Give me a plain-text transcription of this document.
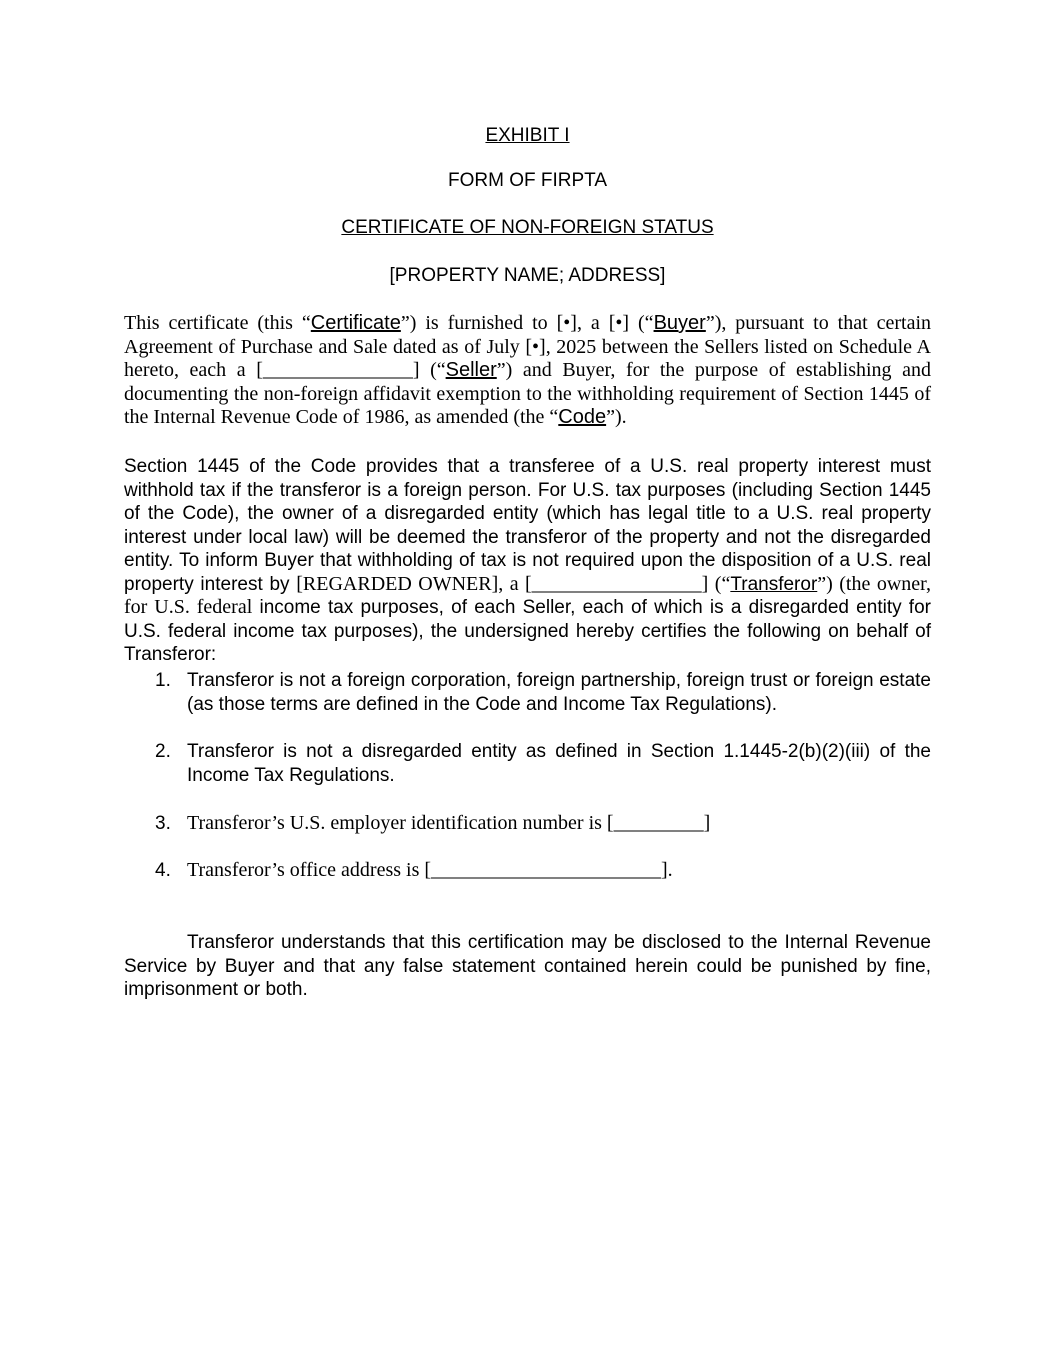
EXHIBIT I
FORM OF FIRPTA
CERTIFICATE OF NON-FOREIGN STATUS
[PROPERTY NAME; ADDRESS]
This certificate (this “Certificate”) is furnished to [•], a [•] (“Buyer”), pursuant to that certain Agreement of Purchase and Sale dated as of July [•], 2025 between the Sellers listed on Schedule A hereto, each a [_______________] (“Seller”) and Buyer, for the purpose of establishing and documenting the non-foreign affidavit exemption to the withholding requirement of Section 1445 of the Internal Revenue Code of 1986, as amended (the “Code”).
Section 1445 of the Code provides that a transferee of a U.S. real property interest must withhold tax if the transferor is a foreign person. For U.S. tax purposes (including Section 1445 of the Code), the owner of a disregarded entity (which has legal title to a U.S. real property interest under local law) will be deemed the transferor of the property and not the disregarded entity. To inform Buyer that withholding of tax is not required upon the disposition of a U.S. real property interest by [REGARDED OWNER], a [_________________] (“Transferor”) (the owner, for U.S. federal income tax purposes, of each Seller, each of which is a disregarded entity for U.S. federal income tax purposes), the undersigned hereby certifies the following on behalf of Transferor:
1. Transferor is not a foreign corporation, foreign partnership, foreign trust or foreign estate (as those terms are defined in the Code and Income Tax Regulations).
2. Transferor is not a disregarded entity as defined in Section 1.1445-2(b)(2)(iii) of the Income Tax Regulations.
3. Transferor’s U.S. employer identification number is [_________]
4. Transferor’s office address is [_______________________].
Transferor understands that this certification may be disclosed to the Internal Revenue Service by Buyer and that any false statement contained herein could be punished by fine, imprisonment or both.
